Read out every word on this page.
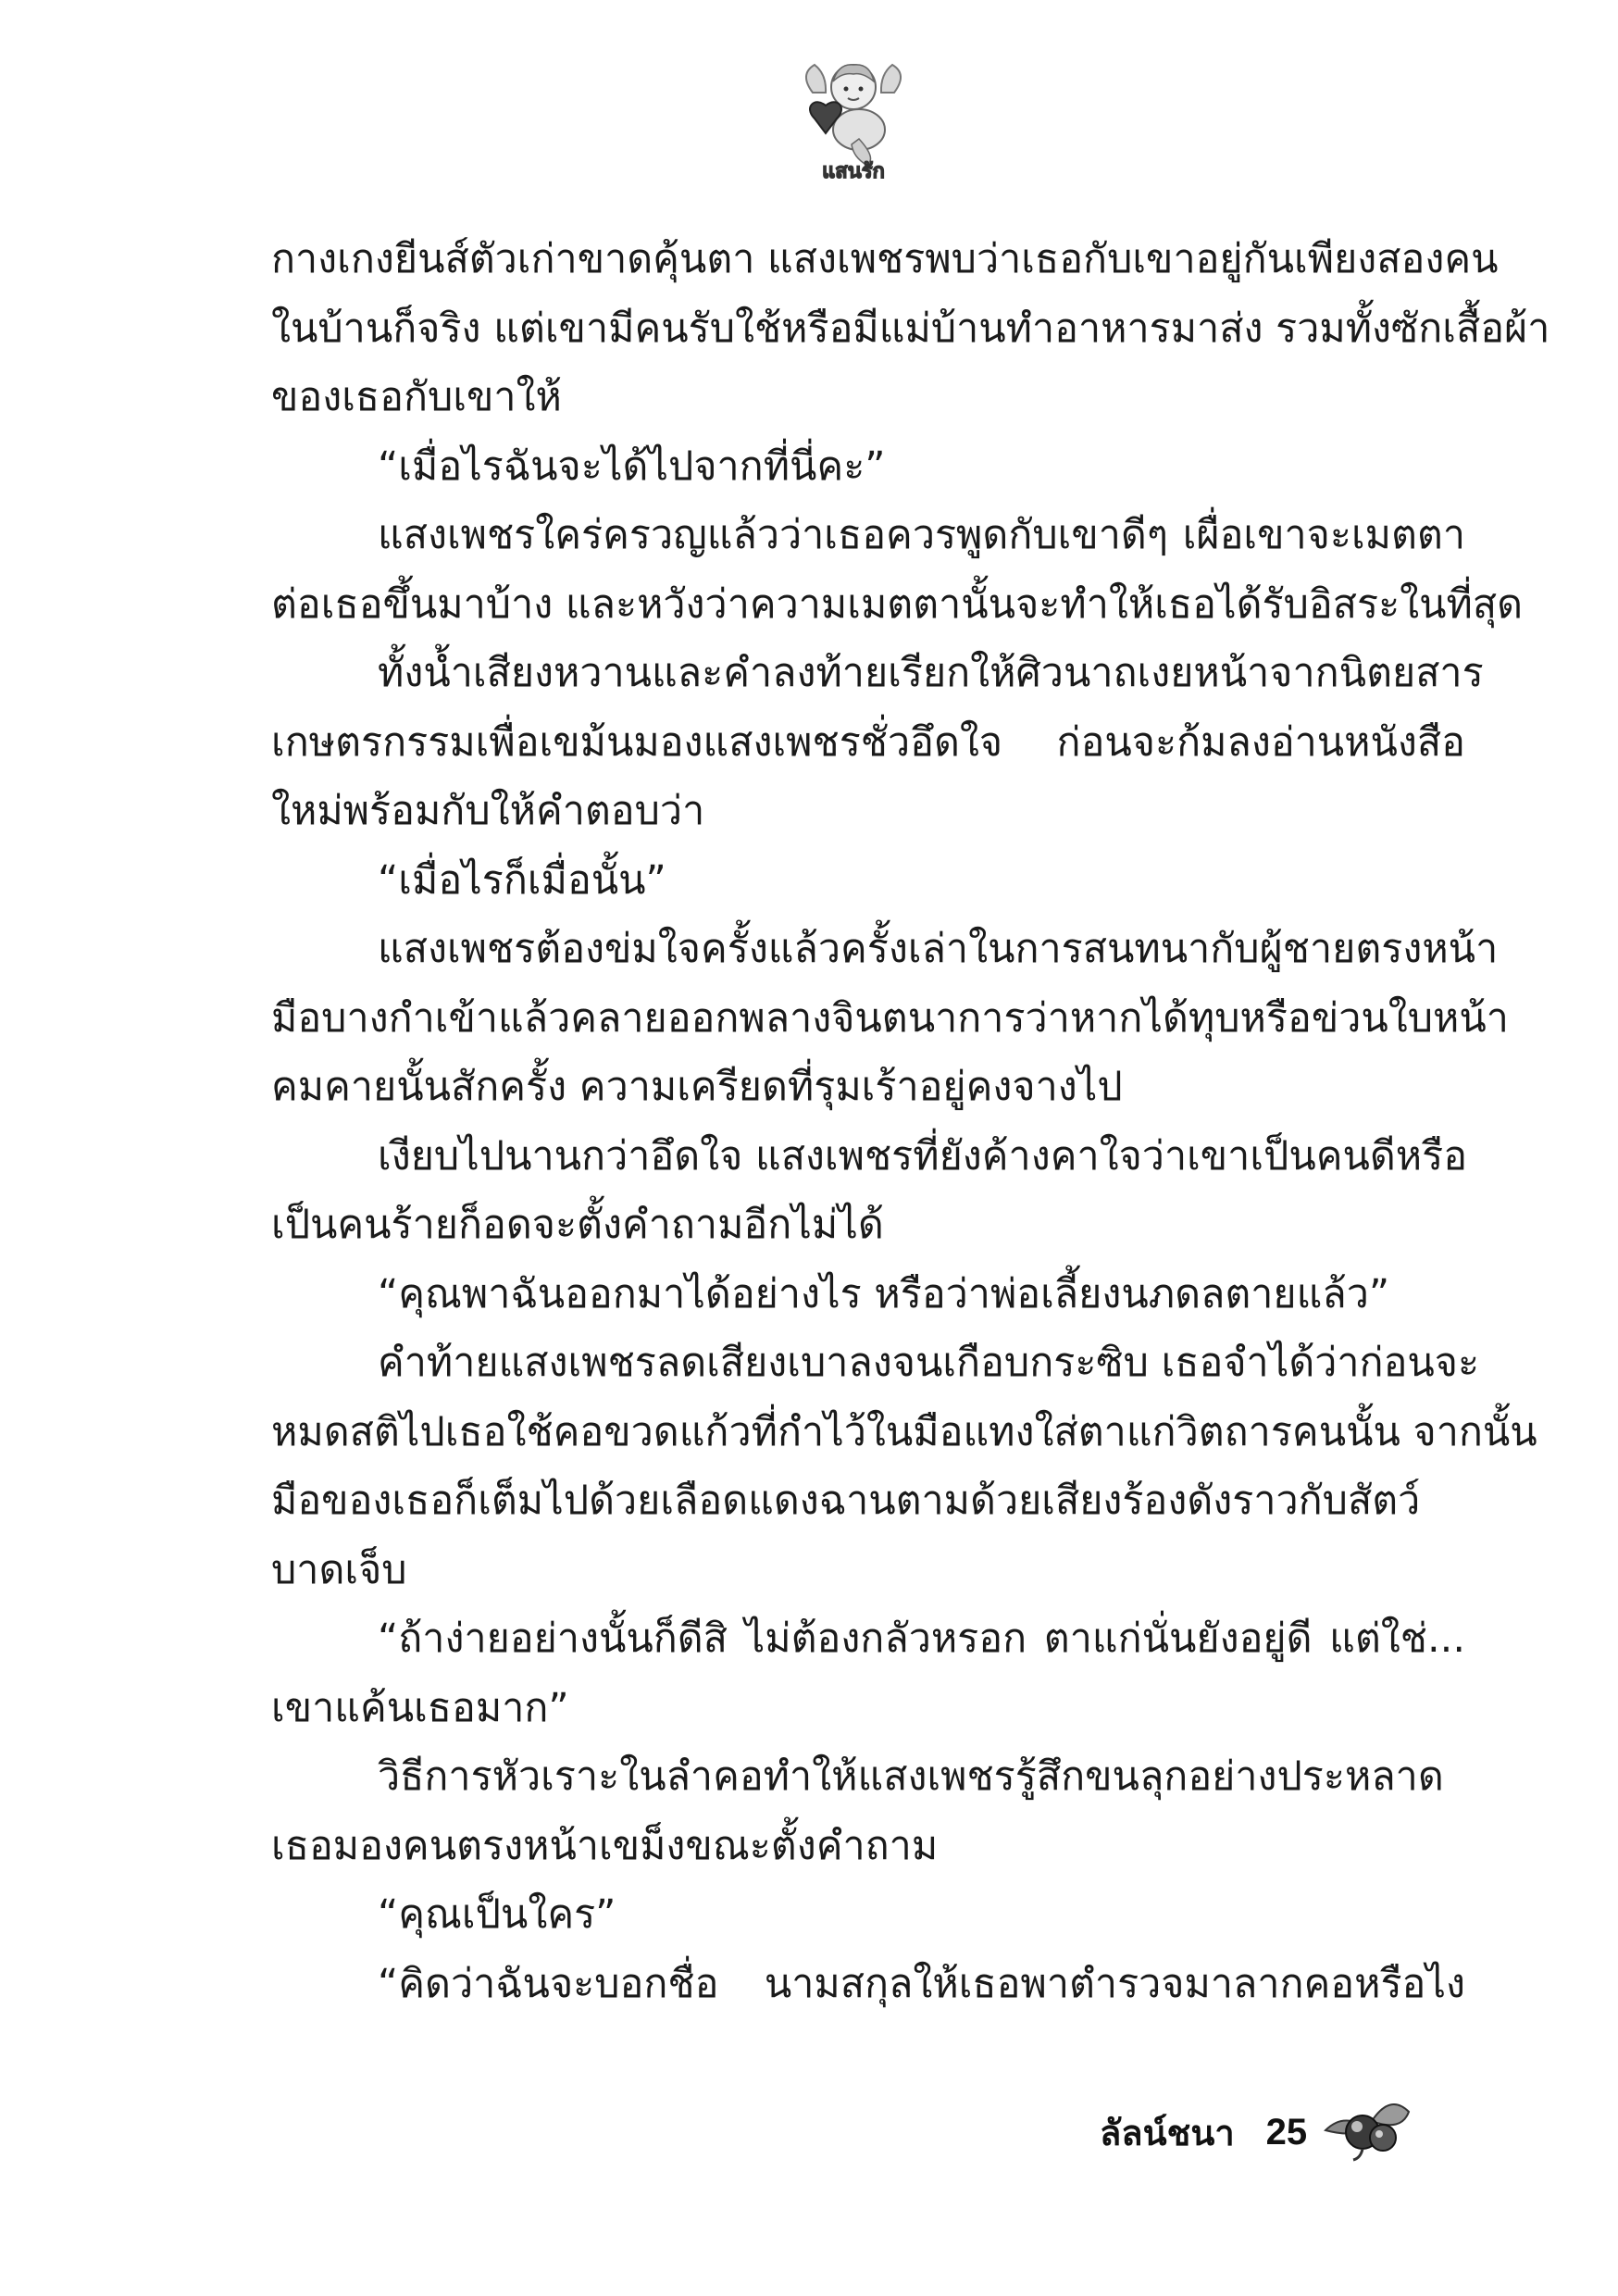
แสนรัก
กางเกงยีนส์ตัวเก่าขาดคุ้นตา แสงเพชรพบว่าเธอกับเขาอยู่กันเพียงสองคน
ในบ้านก็จริง แต่เขามีคนรับใช้หรือมีแม่บ้านทำอาหารมาส่ง รวมทั้งซักเสื้อผ้า
ของเธอกับเขาให้
“เมื่อไรฉันจะได้ไปจากที่นี่คะ”
แสงเพชรใคร่ครวญแล้วว่าเธอควรพูดกับเขาดีๆ เผื่อเขาจะเมตตา
ต่อเธอขึ้นมาบ้าง และหวังว่าความเมตตานั้นจะทำให้เธอได้รับอิสระในที่สุด
ทั้งน้ำเสียงหวานและคำลงท้ายเรียกให้ศิวนาถเงยหน้าจากนิตยสาร
เกษตรกรรมเพื่อเขม้นมองแสงเพชรชั่วอึดใจ ก่อนจะก้มลงอ่านหนังสือ
ใหม่พร้อมกับให้คำตอบว่า
“เมื่อไรก็เมื่อนั้น”
แสงเพชรต้องข่มใจครั้งแล้วครั้งเล่าในการสนทนากับผู้ชายตรงหน้า
มือบางกำเข้าแล้วคลายออกพลางจินตนาการว่าหากได้ทุบหรือข่วนใบหน้า
คมคายนั้นสักครั้ง ความเครียดที่รุมเร้าอยู่คงจางไป
เงียบไปนานกว่าอึดใจ แสงเพชรที่ยังค้างคาใจว่าเขาเป็นคนดีหรือ
เป็นคนร้ายก็อดจะตั้งคำถามอีกไม่ได้
“คุณพาฉันออกมาได้อย่างไร หรือว่าพ่อเลี้ยงนภดลตายแล้ว”
คำท้ายแสงเพชรลดเสียงเบาลงจนเกือบกระซิบ เธอจำได้ว่าก่อนจะ
หมดสติไปเธอใช้คอขวดแก้วที่กำไว้ในมือแทงใส่ตาแก่วิตถารคนนั้น จากนั้น
มือของเธอก็เต็มไปด้วยเลือดแดงฉานตามด้วยเสียงร้องดังราวกับสัตว์
บาดเจ็บ
“ถ้าง่ายอย่างนั้นก็ดีสิ ไม่ต้องกลัวหรอก ตาแก่นั่นยังอยู่ดี แต่ใช่...
เขาแค้นเธอมาก”
วิธีการหัวเราะในลำคอทำให้แสงเพชรรู้สึกขนลุกอย่างประหลาด
เธอมองคนตรงหน้าเขม็งขณะตั้งคำถาม
“คุณเป็นใคร”
“คิดว่าฉันจะบอกชื่อ นามสกุลให้เธอพาตำรวจมาลากคอหรือไง
ลัลน์ชนา 25
